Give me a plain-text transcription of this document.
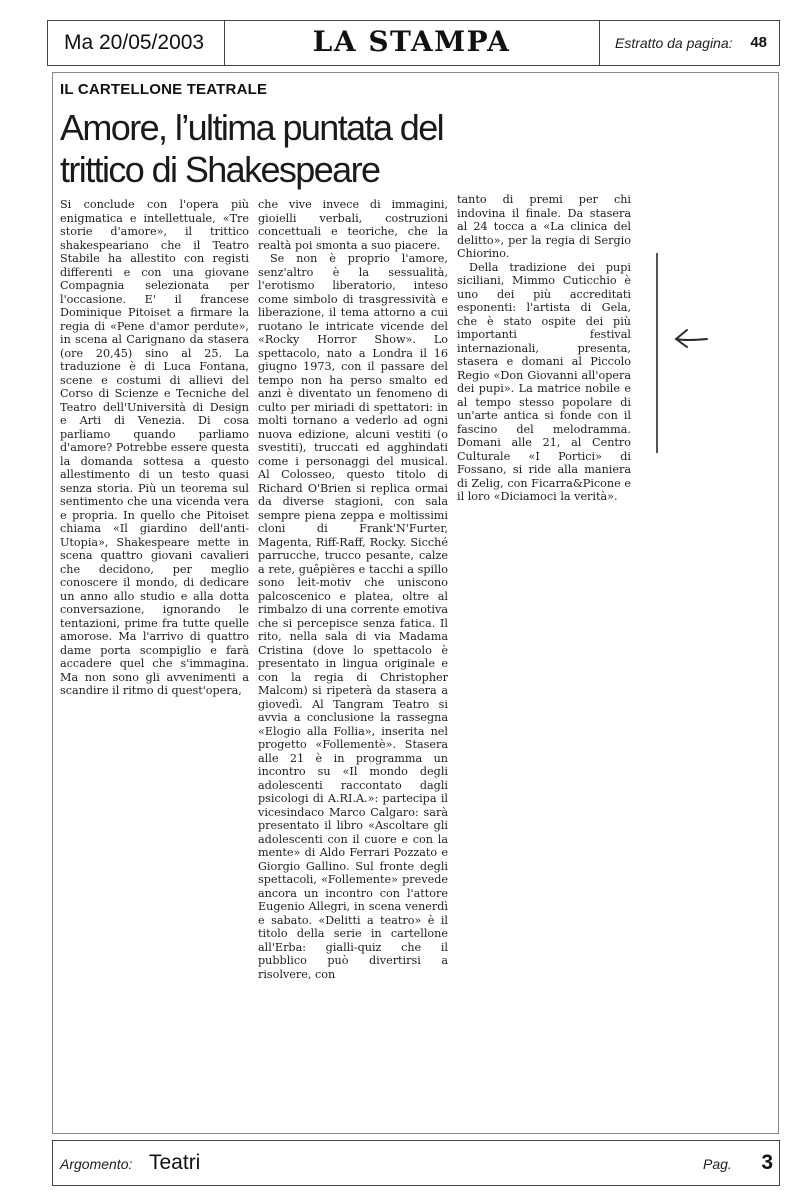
Ma 20/05/2003	LA STAMPA	Estratto da pagina: 48
IL CARTELLONE TEATRALE
Amore, l’ultima puntata del trittico di Shakespeare

Si conclude con l'opera più enigmatica e intellettuale, «Tre storie d'amore», il trittico shakespeariano che il Teatro Stabile ha allestito con registi differenti e con una giovane Compagnia selezionata per l'occasione. E' il francese Dominique Pitoiset a firmare la regia di «Pene d'amor perdute», in scena al Carignano da stasera (ore 20,45) sino al 25. La traduzione è di Luca Fontana, scene e costumi di allievi del Corso di Scienze e Tecniche del Teatro dell'Università di Design e Arti di Venezia. Di cosa parliamo quando parliamo d'amore? Potrebbe essere questa la domanda sottesa a questo allestimento di un testo quasi senza storia. Più un teorema sul sentimento che una vicenda vera e propria. In quello che Pitoiset chiama «Il giardino dell'anti-Utopia», Shakespeare mette in scena quattro giovani cavalieri che decidono, per meglio conoscere il mondo, di dedicare un anno allo studio e alla dotta conversazione, ignorando le tentazioni, prime fra tutte quelle amorose. Ma l'arrivo di quattro dame porta scompiglio e farà accadere quel che s'immagina. Ma non sono gli avvenimenti a scandire il ritmo di quest'opera,

che vive invece di immagini, gioielli verbali, costruzioni concettuali e teoriche, che la realtà poi smonta a suo piacere.

Se non è proprio l'amore, senz'altro è la sessualità, l'erotismo liberatorio, inteso come simbolo di trasgressività e liberazione, il tema attorno a cui ruotano le intricate vicende del «Rocky Horror Show». Lo spettacolo, nato a Londra il 16 giugno 1973, con il passare del tempo non ha perso smalto ed anzi è diventato un fenomeno di culto per miriadi di spettatori: in molti tornano a vederlo ad ogni nuova edizione, alcuni vestiti (o svestiti), truccati ed agghindati come i personaggi del musical. Al Colosseo, questo titolo di Richard O'Brien si replica ormai da diverse stagioni, con sala sempre piena zeppa e moltissimi cloni di Frank'N'Furter, Magenta, Riff-Raff, Rocky. Sicché parrucche, trucco pesante, calze a rete, guêpières e tacchi a spillo sono leit-motiv che uniscono palcoscenico e platea, oltre al rimbalzo di una corrente emotiva che si percepisce senza fatica. Il rito, nella sala di via Madama Cristina (dove lo spettacolo è presentato in lingua originale e con la regia di Christopher Malcom) si ripeterà da stasera a giovedì. Al Tangram Teatro si avvia a conclusione la rassegna «Elogio alla Follia», inserita nel progetto «Follementè». Stasera alle 21 è in programma un incontro su «Il mondo degli adolescenti raccontato dagli psicologi di A.RI.A.»: partecipa il vicesindaco Marco Calgaro: sarà presentato il libro «Ascoltare gli adolescenti con il cuore e con la mente» di Aldo Ferrari Pozzato e Giorgio Gallino. Sul fronte degli spettacoli, «Follemente» prevede ancora un incontro con l'attore Eugenio Allegri, in scena venerdì e sabato. «Delitti a teatro» è il titolo della serie in cartellone all'Erba: gialli-quiz che il pubblico può divertirsi a risolvere, con

tanto di premi per chi indovina il finale. Da stasera al 24 tocca a «La clinica del delitto», per la regia di Sergio Chiorino.

Della tradizione dei pupi siciliani, Mimmo Cuticchio è uno dei più accreditati esponenti: l'artista di Gela, che è stato ospite dei più importanti festival internazionali, presenta, stasera e domani al Piccolo Regio «Don Giovanni all'opera dei pupi». La matrice nobile e al tempo stesso popolare di un'arte antica si fonde con il fascino del melodramma. Domani alle 21, al Centro Culturale «I Portici» di Fossano, si ride alla maniera di Zelig, con Ficarra&Picone e il loro «Diciamoci la verità».

Argomento: Teatri	Pag. 3
